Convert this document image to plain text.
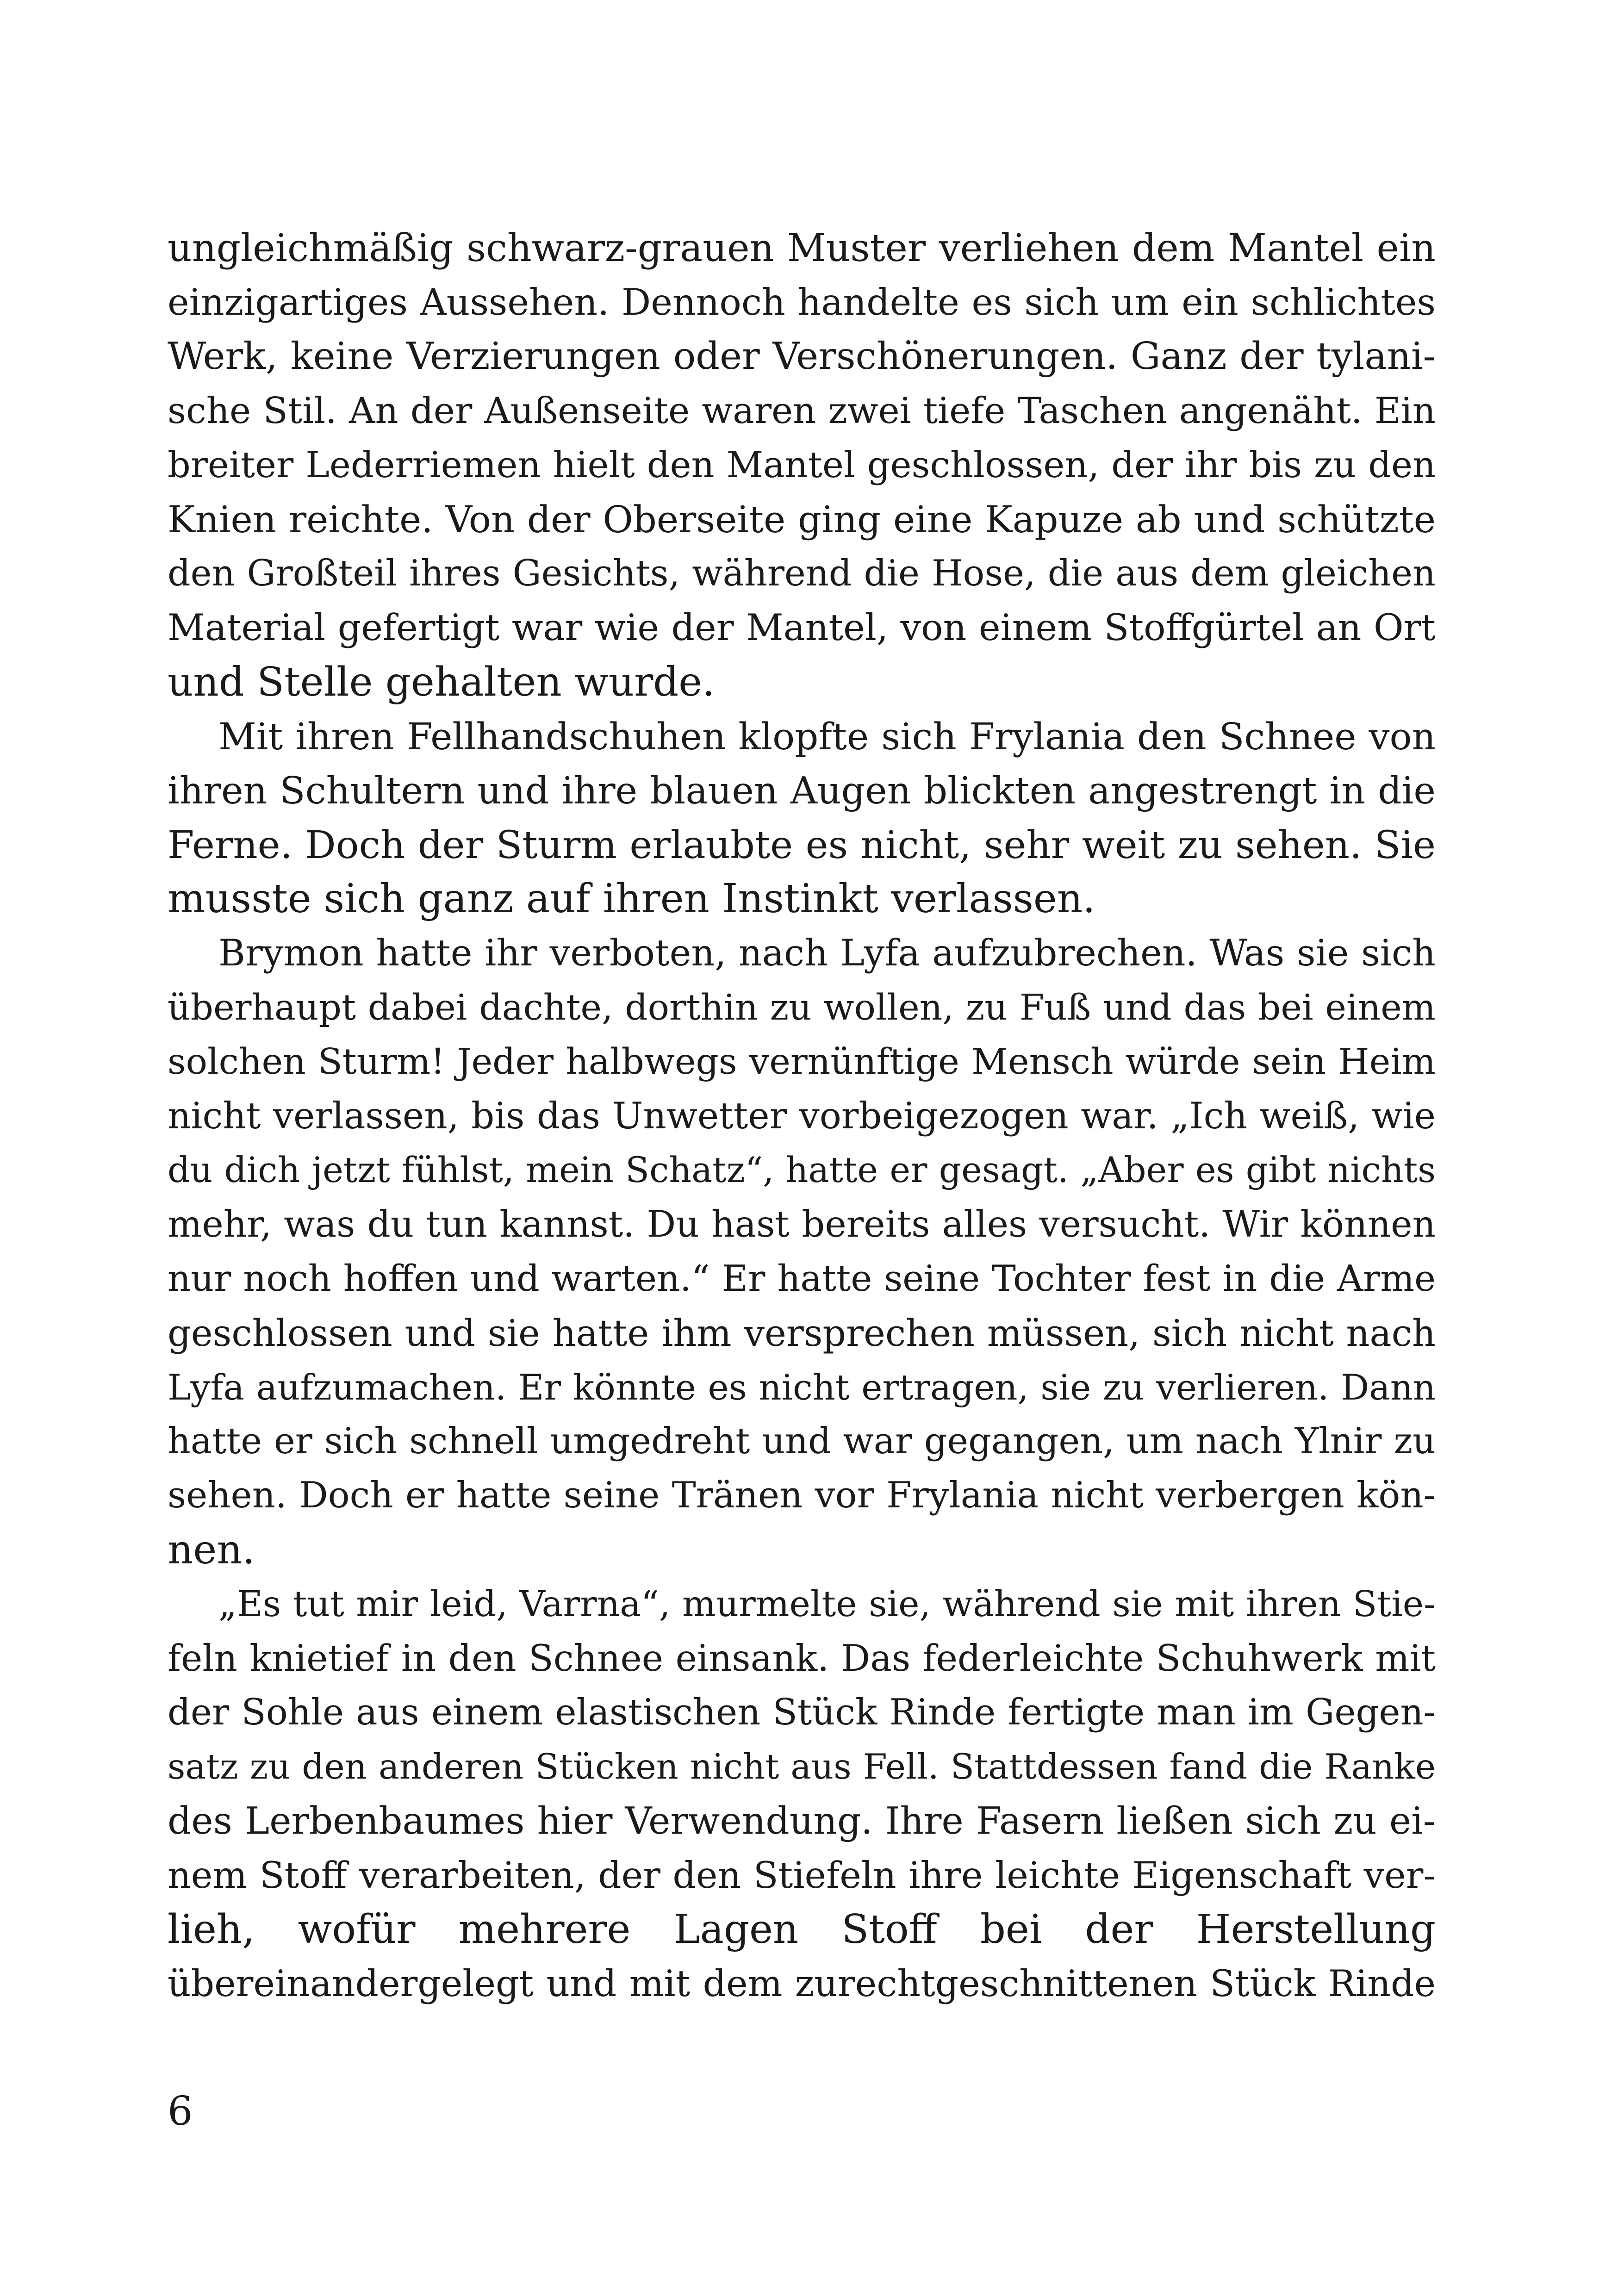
ungleichmäßig schwarz-grauen Muster verliehen dem Mantel ein
einzigartiges Aussehen. Dennoch handelte es sich um ein schlichtes
Werk, keine Verzierungen oder Verschönerungen. Ganz der tylani-
sche Stil. An der Außenseite waren zwei tiefe Taschen angenäht. Ein
breiter Lederriemen hielt den Mantel geschlossen, der ihr bis zu den
Knien reichte. Von der Oberseite ging eine Kapuze ab und schützte
den Großteil ihres Gesichts, während die Hose, die aus dem gleichen
Material gefertigt war wie der Mantel, von einem Stoffgürtel an Ort
und Stelle gehalten wurde.
Mit ihren Fellhandschuhen klopfte sich Frylania den Schnee von
ihren Schultern und ihre blauen Augen blickten angestrengt in die
Ferne. Doch der Sturm erlaubte es nicht, sehr weit zu sehen. Sie
musste sich ganz auf ihren Instinkt verlassen.
Brymon hatte ihr verboten, nach Lyfa aufzubrechen. Was sie sich
überhaupt dabei dachte, dorthin zu wollen, zu Fuß und das bei einem
solchen Sturm! Jeder halbwegs vernünftige Mensch würde sein Heim
nicht verlassen, bis das Unwetter vorbeigezogen war. „Ich weiß, wie
du dich jetzt fühlst, mein Schatz“, hatte er gesagt. „Aber es gibt nichts
mehr, was du tun kannst. Du hast bereits alles versucht. Wir können
nur noch hoffen und warten.“ Er hatte seine Tochter fest in die Arme
geschlossen und sie hatte ihm versprechen müssen, sich nicht nach
Lyfa aufzumachen. Er könnte es nicht ertragen, sie zu verlieren. Dann
hatte er sich schnell umgedreht und war gegangen, um nach Ylnir zu
sehen. Doch er hatte seine Tränen vor Frylania nicht verbergen kön-
nen.
„Es tut mir leid, Varrna“, murmelte sie, während sie mit ihren Stie-
feln knietief in den Schnee einsank. Das federleichte Schuhwerk mit
der Sohle aus einem elastischen Stück Rinde fertigte man im Gegen-
satz zu den anderen Stücken nicht aus Fell. Stattdessen fand die Ranke
des Lerbenbaumes hier Verwendung. Ihre Fasern ließen sich zu ei-
nem Stoff verarbeiten, der den Stiefeln ihre leichte Eigenschaft ver-
lieh, wofür mehrere Lagen Stoff bei der Herstellung
übereinandergelegt und mit dem zurechtgeschnittenen Stück Rinde
6
